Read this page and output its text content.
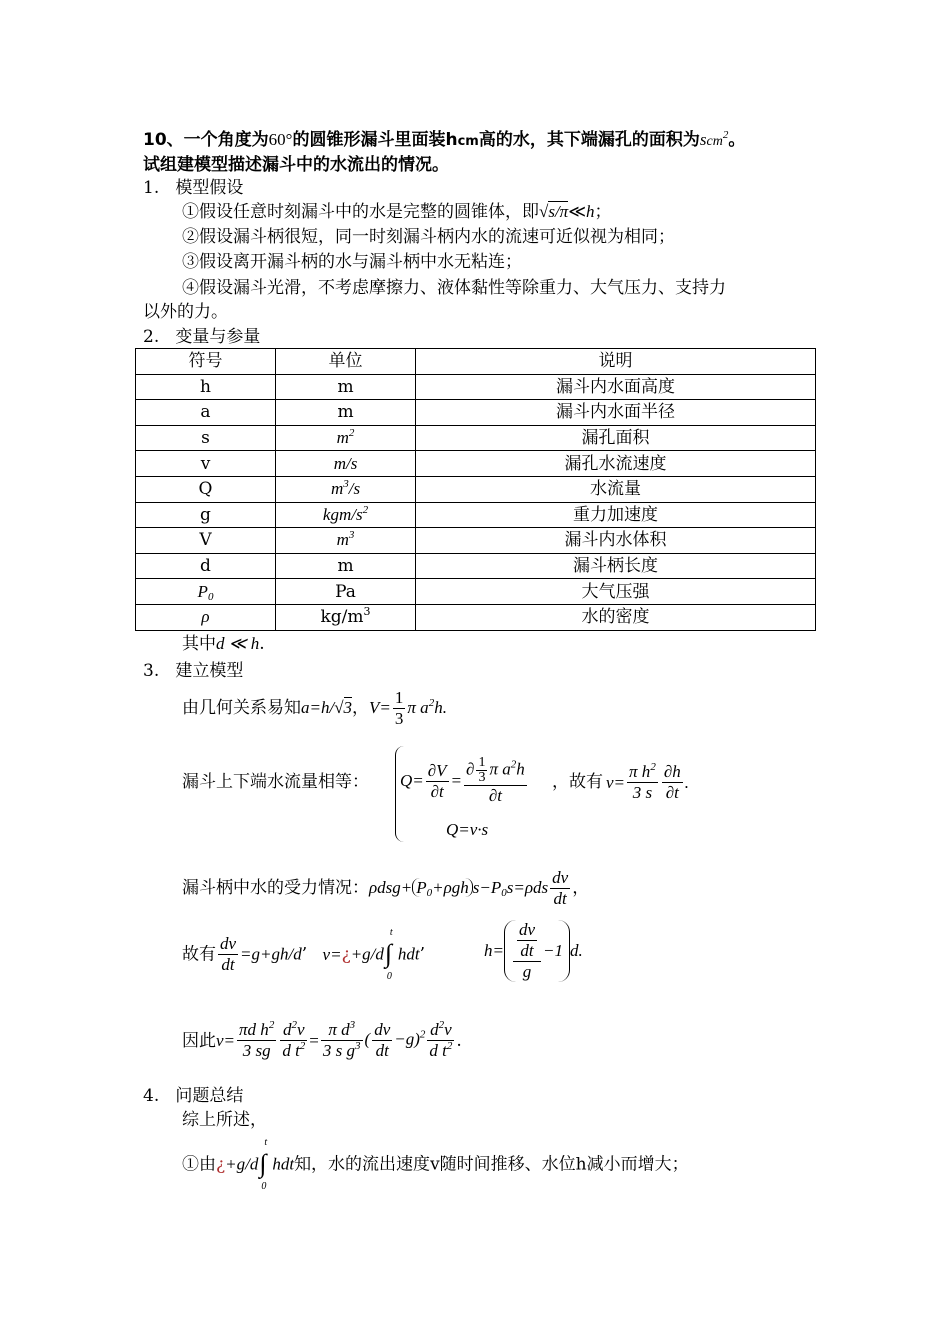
10、一个角度为60°的圆锥形漏斗里面装hcm高的水，其下端漏孔的面积为scm$^2$。
试组建模型描述漏斗中的水流出的情况。
1.   模型假设
①假设任意时刻漏斗中的水是完整的圆锥体，即√s/π≪h；
②假设漏斗柄很短，同一时刻漏斗柄内水的流速可近似视为相同；
③假设离开漏斗柄的水与漏斗柄中水无粘连；
④假设漏斗光滑，不考虑摩擦力、液体黏性等除重力、大气压力、支持力
以外的力。
2.   变量与参量
符号	单位	说明
h	m	漏斗内水面高度
a	m	漏斗内水面半径
s	$m^2$	漏孔面积
v	m/s	漏孔水流速度
Q	$m^3/s$	水流量
g	kgm/$s^2$	重力加速度
V	$m^3$	漏斗内水体积
d	m	漏斗柄长度
$P_0$	Pa	大气压强
ρ	$kg/m^3$	水的密度
其中d ≪ h.
3.   建立模型
由几何关系易知a=h/√3，$V= \frac{1}{3}$ π $a^2h$.
漏斗上下端水流量相等： $Q= \frac{\partial V}{\partial t} = \frac{\partial \frac{1}{3} \pi a^2h}{\partial t}$
Q=v·s
，故有 $v= \frac{\pi h^2}{3 s} \frac{\partial h}{\partial t}$ .
漏斗柄中水的受力情况：$\rho dsg+ P_0+\rho gh$ $s-P_0s=\rho ds \frac{dv}{dt}$ ，
故有 $\frac{dv}{dt} =g+gh/d$’ v=¿+g/d
t
∫
0
hdt’	$h= \frac{\frac{dv}{dt}}{g} -1$ d.
因此$v= \frac{\pi d h^2}{3 sg} \frac{d^2v}{d t^2} = \frac{\pi d^3}{3 s g^3}$ ( $\frac{dv}{dt} -g)^2 \frac{d^2v}{d t^2}$ .
4.   问题总结
综上所述，
①由¿+g/d
t
∫
0
hdt知，水的流出速度v随时间推移、水位h减小而增大；
